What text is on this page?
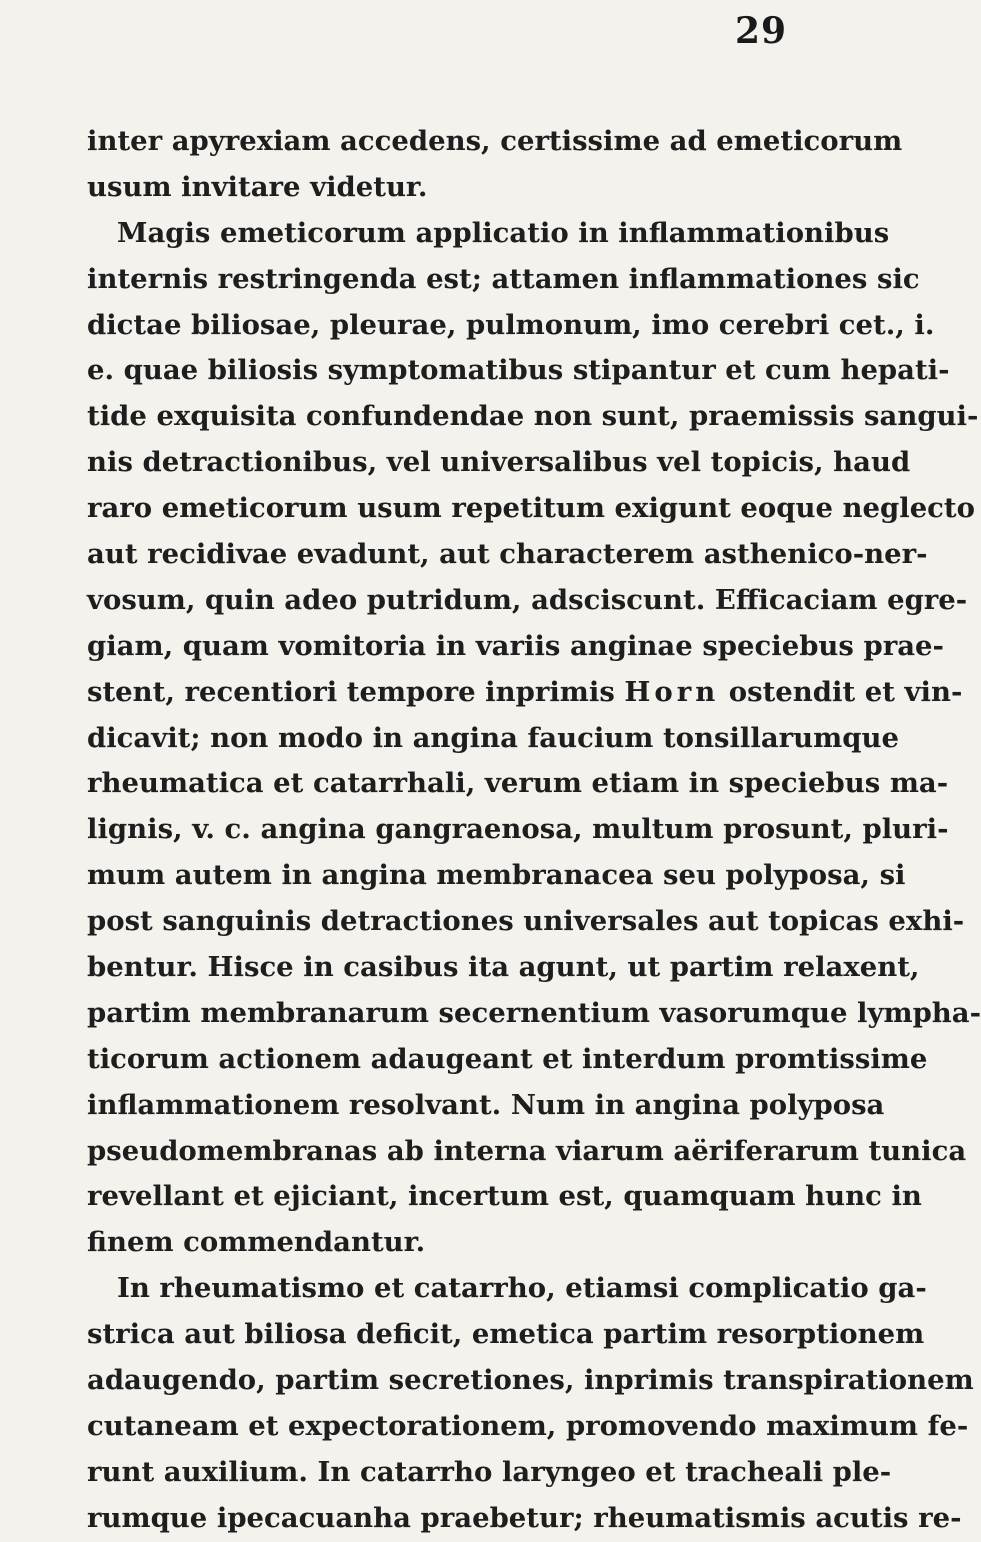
29
inter apyrexiam accedens, certissime ad emeticorum
usum invitare videtur.
Magis emeticorum applicatio in inflammationibus
internis restringenda est; attamen inflammationes sic
dictae biliosae, pleurae, pulmonum, imo cerebri cet., i.
e. quae biliosis symptomatibus stipantur et cum hepati-
tide exquisita confundendae non sunt, praemissis sangui-
nis detractionibus, vel universalibus vel topicis, haud
raro emeticorum usum repetitum exigunt eoque neglecto
aut recidivae evadunt, aut characterem asthenico-ner-
vosum, quin adeo putridum, adsciscunt. Efficaciam egre-
giam, quam vomitoria in variis anginae speciebus prae-
stent, recentiori tempore inprimis Horn ostendit et vin-
dicavit; non modo in angina faucium tonsillarumque
rheumatica et catarrhali, verum etiam in speciebus ma-
lignis, v. c. angina gangraenosa, multum prosunt, pluri-
mum autem in angina membranacea seu polyposa, si
post sanguinis detractiones universales aut topicas exhi-
bentur. Hisce in casibus ita agunt, ut partim relaxent,
partim membranarum secernentium vasorumque lympha-
ticorum actionem adaugeant et interdum promtissime
inflammationem resolvant. Num in angina polyposa
pseudomembranas ab interna viarum aëriferarum tunica
revellant et ejiciant, incertum est, quamquam hunc in
finem commendantur.
In rheumatismo et catarrho, etiamsi complicatio ga-
strica aut biliosa deficit, emetica partim resorptionem
adaugendo, partim secretiones, inprimis transpirationem
cutaneam et expectorationem, promovendo maximum fe-
runt auxilium. In catarrho laryngeo et tracheali ple-
rumque ipecacuanha praebetur; rheumatismis acutis re-
